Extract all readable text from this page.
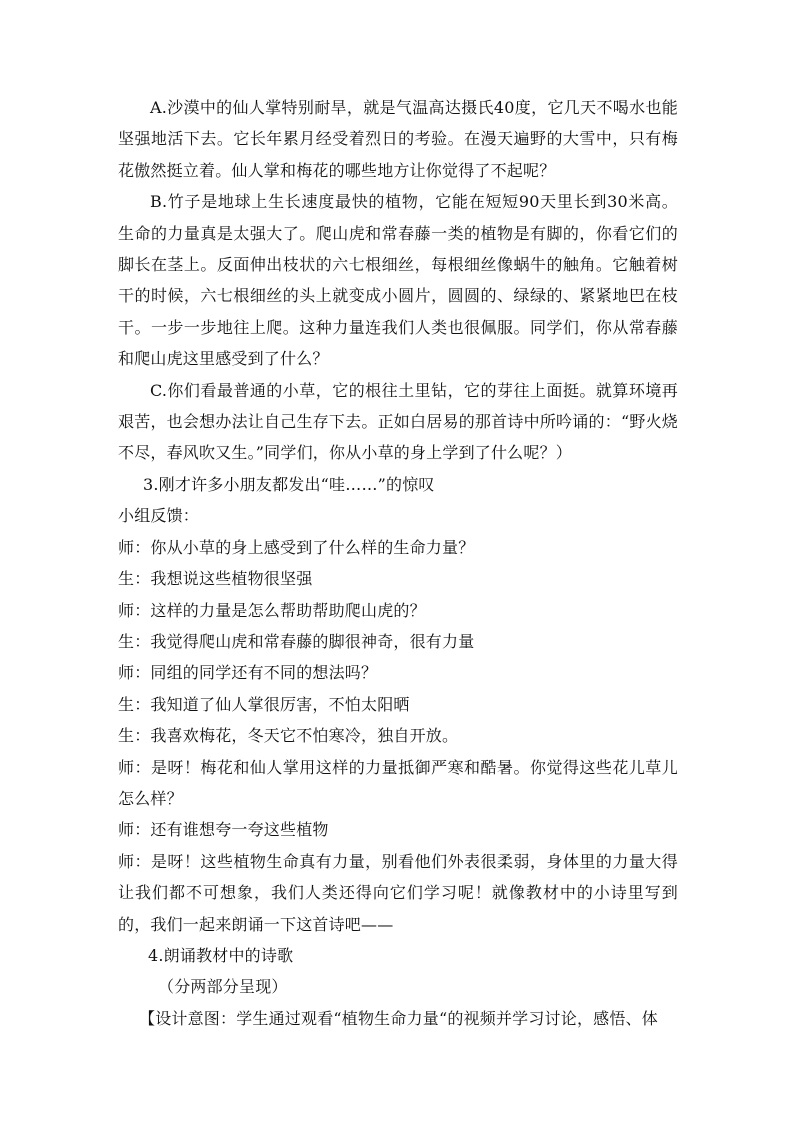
A.沙漠中的仙人掌特别耐旱，就是气温高达摄氏40度，它几天不喝水也能坚强地活下去。它长年累月经受着烈日的考验。在漫天遍野的大雪中，只有梅花傲然挺立着。仙人掌和梅花的哪些地方让你觉得了不起呢？

B.竹子是地球上生长速度最快的植物，它能在短短90天里长到30米高。生命的力量真是太强大了。爬山虎和常春藤一类的植物是有脚的，你看它们的脚长在茎上。反面伸出枝状的六七根细丝，每根细丝像蜗牛的触角。它触着树干的时候，六七根细丝的头上就变成小圆片，圆圆的、绿绿的、紧紧地巴在枝干。一步一步地往上爬。这种力量连我们人类也很佩服。同学们，你从常春藤和爬山虎这里感受到了什么？

C.你们看最普通的小草，它的根往土里钻，它的芽往上面挺。就算环境再艰苦，也会想办法让自己生存下去。正如白居易的那首诗中所吟诵的：“野火烧不尽，春风吹又生。”同学们，你从小草的身上学到了什么呢？）

3.刚才许多小朋友都发出“哇……”的惊叹

小组反馈：

师：你从小草的身上感受到了什么样的生命力量？

生：我想说这些植物很坚强

师：这样的力量是怎么帮助帮助爬山虎的？

生：我觉得爬山虎和常春藤的脚很神奇，很有力量

师：同组的同学还有不同的想法吗？

生：我知道了仙人掌很厉害，不怕太阳晒

生：我喜欢梅花，冬天它不怕寒冷，独自开放。

师：是呀！梅花和仙人掌用这样的力量抵御严寒和酷暑。你觉得这些花儿草儿怎么样？

师：还有谁想夸一夸这些植物

师：是呀！这些植物生命真有力量，别看他们外表很柔弱，身体里的力量大得让我们都不可想象，我们人类还得向它们学习呢！就像教材中的小诗里写到的，我们一起来朗诵一下这首诗吧——

4.朗诵教材中的诗歌

（分两部分呈现）

【设计意图：学生通过观看“植物生命力量“的视频并学习讨论，感悟、体
